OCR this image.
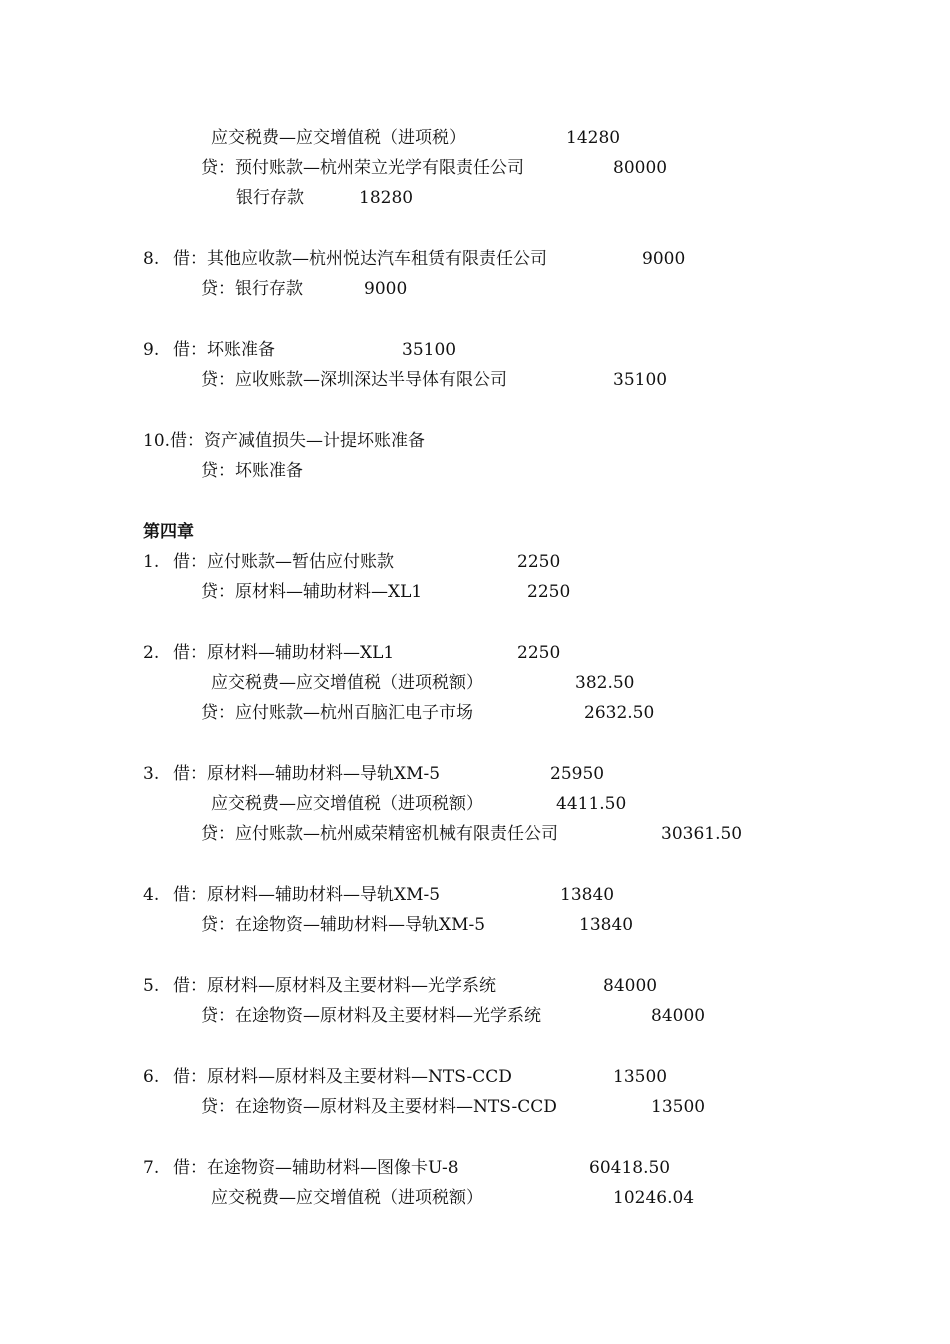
应交税费—应交增值税（进项税）	14280
贷：预付账款—杭州荣立光学有限责任公司	80000
银行存款	18280
8. 借：其他应收款—杭州悦达汽车租赁有限责任公司	9000
贷：银行存款	9000
9. 借：坏账准备	35100
贷：应收账款—深圳深达半导体有限公司	35100
10.借：资产减值损失—计提坏账准备
贷：坏账准备
第四章
1. 借：应付账款—暂估应付账款	2250
贷：原材料—辅助材料—XL1	2250
2. 借：原材料—辅助材料—XL1	2250
应交税费—应交增值税（进项税额）	382.50
贷：应付账款—杭州百脑汇电子市场	2632.50
3. 借：原材料—辅助材料—导轨XM-5	25950
应交税费—应交增值税（进项税额）	4411.50
贷：应付账款—杭州威荣精密机械有限责任公司	30361.50
4. 借：原材料—辅助材料—导轨XM-5	13840
贷：在途物资—辅助材料—导轨XM-5	13840
5. 借：原材料—原材料及主要材料—光学系统	84000
贷：在途物资—原材料及主要材料—光学系统	84000
6. 借：原材料—原材料及主要材料—NTS-CCD	13500
贷：在途物资—原材料及主要材料—NTS-CCD	13500
7. 借：在途物资—辅助材料—图像卡U-8	60418.50
应交税费—应交增值税（进项税额）	10246.04
